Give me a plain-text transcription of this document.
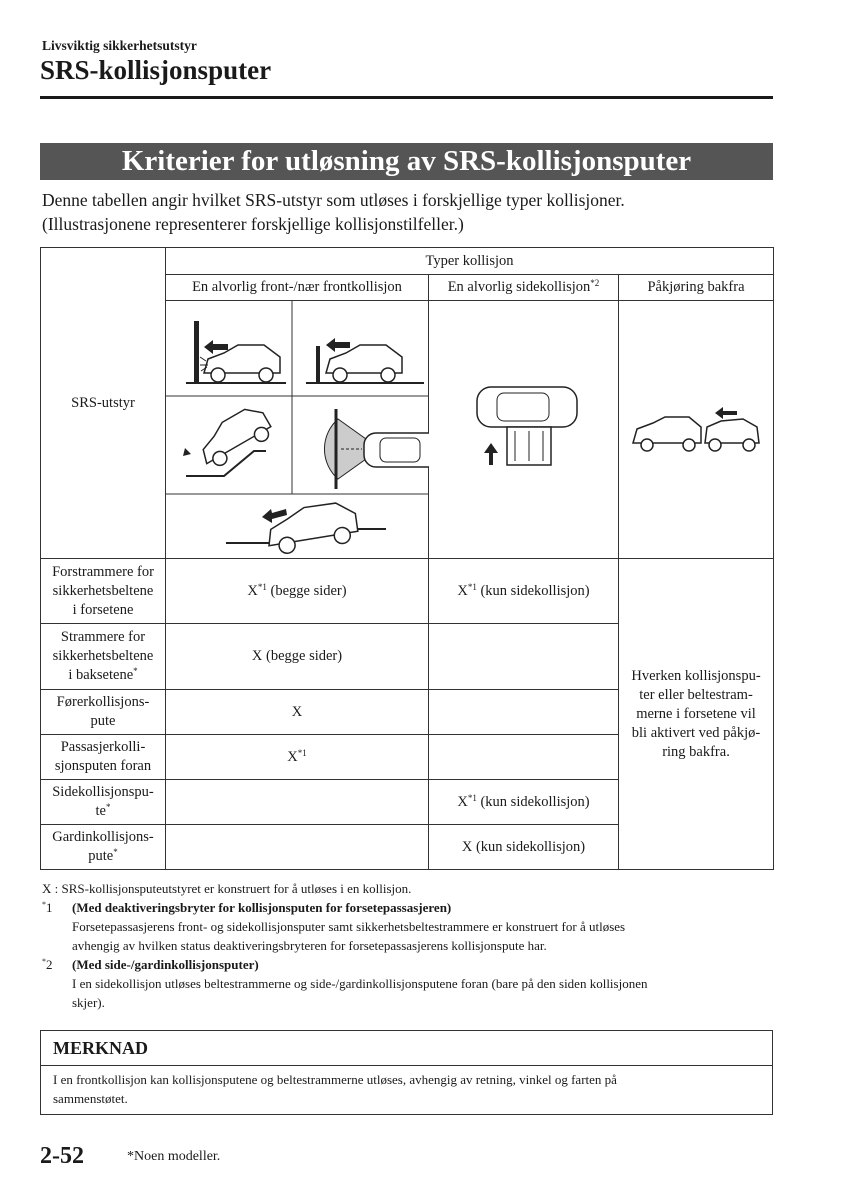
Livsviktig sikkerhetsutstyr
SRS-kollisjonsputer
Kriterier for utløsning av SRS-kollisjonsputer
Denne tabellen angir hvilket SRS-utstyr som utløses i forskjellige typer kollisjoner.
(Illustrasjonene representerer forskjellige kollisjonstilfeller.)
SRS-utstyr	Typer kollisjon		
	En alvorlig front-/nær frontkollisjon	En alvorlig sidekollisjon$^{*2}$	Påkjøring bakfra

Forstrammere for
sikkerhetsbeltene
i forsetene	$X^{*1}$ (begge sider)	$X^{*1}$ (kun sidekollisjon)	Hverken kollisjonspu-
ter eller beltestram-
merne i forsetene vil
bli aktivert ved påkjø-
ring bakfra.
Strammere for
sikkerhetsbeltene
i baksetene*	X (begge sider)		
Førerkollisjons-
pute	X		
Passasjerkolli-
sjonsputen foran	$X^{*1}$	
Sidekollisjonspu-
te*		$X^{*1}$ (kun sidekollisjon)	
Gardinkollisjons-
pute*		X (kun sidekollisjon)	

X : SRS-kollisjonsputeutstyret er konstruert for å utløses i en kollisjon.

*1 (Med deaktiveringsbryter for kollisjonsputen for forsetepassasjeren)

Forsetepassasjerens front- og sidekollisjonsputer samt sikkerhetsbeltestrammere er konstruert for å utløses

avhengig av hvilken status deaktiveringsbryteren for forsetepassasjerens kollisjonspute har.

*2 (Med side-/gardinkollisjonsputer)

I en sidekollisjon utløses beltestrammerne og side-/gardinkollisjonsputene foran (bare på den siden kollisjonen

skjer).

MERKNAD
I en frontkollisjon kan kollisjonsputene og beltestrammerne utløses, avhengig av retning, vinkel og farten på
sammenstøtet.
2-52	*Noen modeller.
